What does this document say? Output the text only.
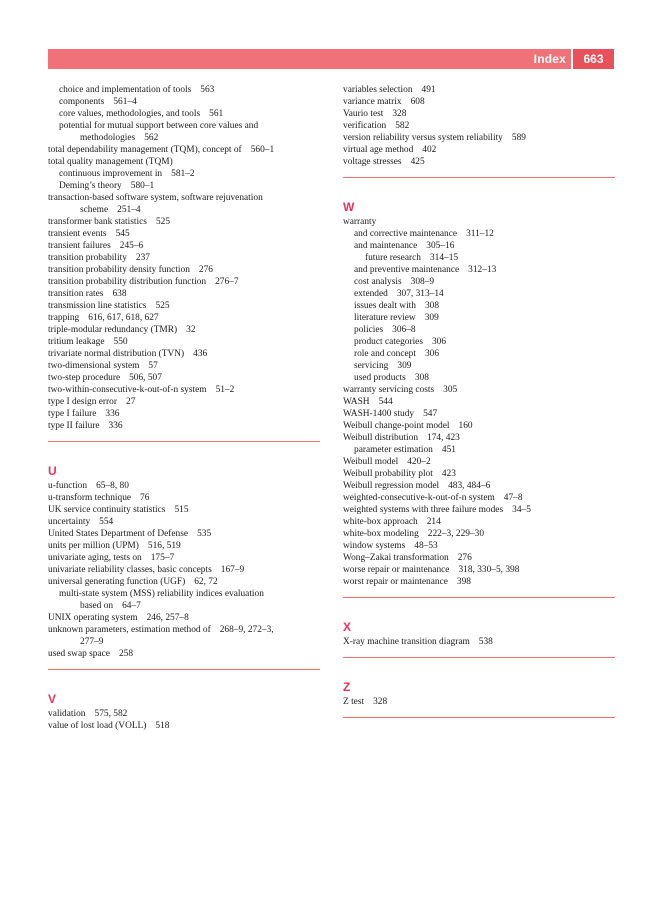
Index	663
choice and implementation of tools 563
components 561–4
core values, methodologies, and tools 561
potential for mutual support between core values and
methodologies 562
total dependability management (TQM), concept of 560–1
total quality management (TQM)
continuous improvement in 581–2
Deming’s theory 580–1
transaction-based software system, software rejuvenation
scheme 251–4
transformer bank statistics 525
transient events 545
transient failures 245–6
transition probability 237
transition probability density function 276
transition probability distribution function 276–7
transition rates 638
transmission line statistics 525
trapping 616, 617, 618, 627
triple-modular redundancy (TMR) 32
tritium leakage 550
trivariate normal distribution (TVN) 436
two-dimensional system 57
two-step procedure 506, 507
two-within-consecutive-k-out-of-n system 51–2
type I design error 27
type I failure 336
type II failure 336
U
u-function 65–8, 80
u-transform technique 76
UK service continuity statistics 515
uncertainty 554
United States Department of Defense 535
units per million (UPM) 516, 519
univariate aging, tests on 175–7
univariate reliability classes, basic concepts 167–9
universal generating function (UGF) 62, 72
multi-state system (MSS) reliability indices evaluation
based on 64–7
UNIX operating system 246, 257–8
unknown parameters, estimation method of 268–9, 272–3,
277–9
used swap space 258
V
validation 575, 582
value of lost load (VOLL) 518
variables selection 491
variance matrix 608
Vaurio test 328
verification 582
version reliability versus system reliability 589
virtual age method 402
voltage stresses 425
W
warranty
and corrective maintenance 311–12
and maintenance 305–16
future research 314–15
and preventive maintenance 312–13
cost analysis 308–9
extended 307, 313–14
issues dealt with 308
literature review 309
policies 306–8
product categories 306
role and concept 306
servicing 309
used products 308
warranty servicing costs 305
WASH 544
WASH-1400 study 547
Weibull change-point model 160
Weibull distribution 174, 423
parameter estimation 451
Weibull model 420–2
Weibull probability plot 423
Weibull regression model 483, 484–6
weighted-consecutive-k-out-of-n system 47–8
weighted systems with three failure modes 34–5
white-box approach 214
white-box modeling 222–3, 229–30
window systems 48–53
Wong–Zakai transformation 276
worse repair or maintenance 318, 330–5, 398
worst repair or maintenance 398
X
X-ray machine transition diagram 538
Z
Z test 328
